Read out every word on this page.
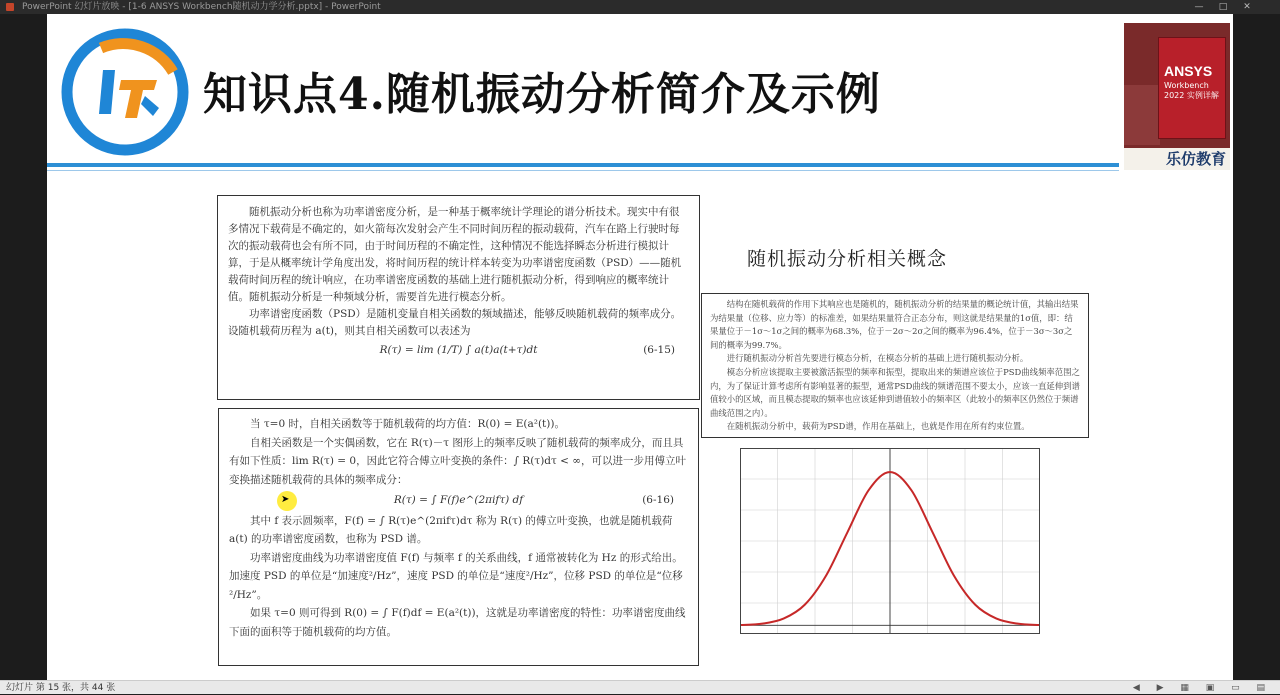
PowerPoint 幻灯片放映 - [1-6 ANSYS Workbench随机动力学分析.pptx] - PowerPoint	—	□	✕
知识点4.随机振动分析简介及示例	ANSYS
Workbench 2022 实例详解
乐仿教育

随机振动分析也称为功率谱密度分析，是一种基于概率统计学理论的谱分析技术。现实中有很多情况下载荷是不确定的，如火箭每次发射会产生不同时间历程的振动载荷，汽车在路上行驶时每次的振动载荷也会有所不同，由于时间历程的不确定性，这种情况不能选择瞬态分析进行模拟计算，于是从概率统计学角度出发，将时间历程的统计样本转变为功率谱密度函数（PSD）——随机载荷时间历程的统计响应，在功率谱密度函数的基础上进行随机振动分析，得到响应的概率统计值。随机振动分析是一种频域分析，需要首先进行模态分析。

功率谱密度函数（PSD）是随机变量自相关函数的频域描述，能够反映随机载荷的频率成分。设随机载荷历程为 a(t)，则其自相关函数可以表述为

R(τ) = lim (1/T) ∫ a(t)a(t+τ)dt	(6-15)

当 τ=0 时，自相关函数等于随机载荷的均方值：R(0) = E(a²(t))。

自相关函数是一个实偶函数，它在 R(τ)－τ 图形上的频率反映了随机载荷的频率成分，而且具有如下性质：lim R(τ) = 0，因此它符合傅立叶变换的条件：∫ R(τ)dτ < ∞，可以进一步用傅立叶变换描述随机载荷的具体的频率成分：

R(τ) = ∫ F(f)e^(2πifτ) df	(6-16)

其中 f 表示圆频率，F(f) = ∫ R(τ)e^(2πifτ)dτ 称为 R(τ) 的傅立叶变换，也就是随机载荷 a(t) 的功率谱密度函数，也称为 PSD 谱。

功率谱密度曲线为功率谱密度值 F(f) 与频率 f 的关系曲线，f 通常被转化为 Hz 的形式给出。加速度 PSD 的单位是“加速度²/Hz”，速度 PSD 的单位是“速度²/Hz”，位移 PSD 的单位是“位移²/Hz”。

如果 τ=0 则可得到 R(0) = ∫ F(f)df = E(a²(t))，这就是功率谱密度的特性：功率谱密度曲线下面的面积等于随机载荷的均方值。

随机振动分析相关概念

结构在随机载荷的作用下其响应也是随机的，随机振动分析的结果量的概论统计值，其输出结果为结果量（位移、应力等）的标准差，如果结果量符合正态分布，则这就是结果量的1σ值，即：结果量位于－1σ～1σ之间的概率为68.3%，位于－2σ～2σ之间的概率为96.4%，位于－3σ～3σ之间的概率为99.7%。

进行随机振动分析首先要进行模态分析，在模态分析的基础上进行随机振动分析。

模态分析应该提取主要被激活振型的频率和振型，提取出来的频谱应该位于PSD曲线频率范围之内，为了保证计算考虑所有影响显著的振型，通常PSD曲线的频谱范围不要太小，应该一直延伸到谱值较小的区域，而且模态提取的频率也应该延伸到谱值较小的频率区（此较小的频率区仍然位于频谱曲线范围之内）。

在随机振动分析中，载荷为PSD谱，作用在基础上，也就是作用在所有约束位置。

➤
幻灯片 第 15 张，共 44 张	◀ ▶ ▦ ▣ ▭ ▤
